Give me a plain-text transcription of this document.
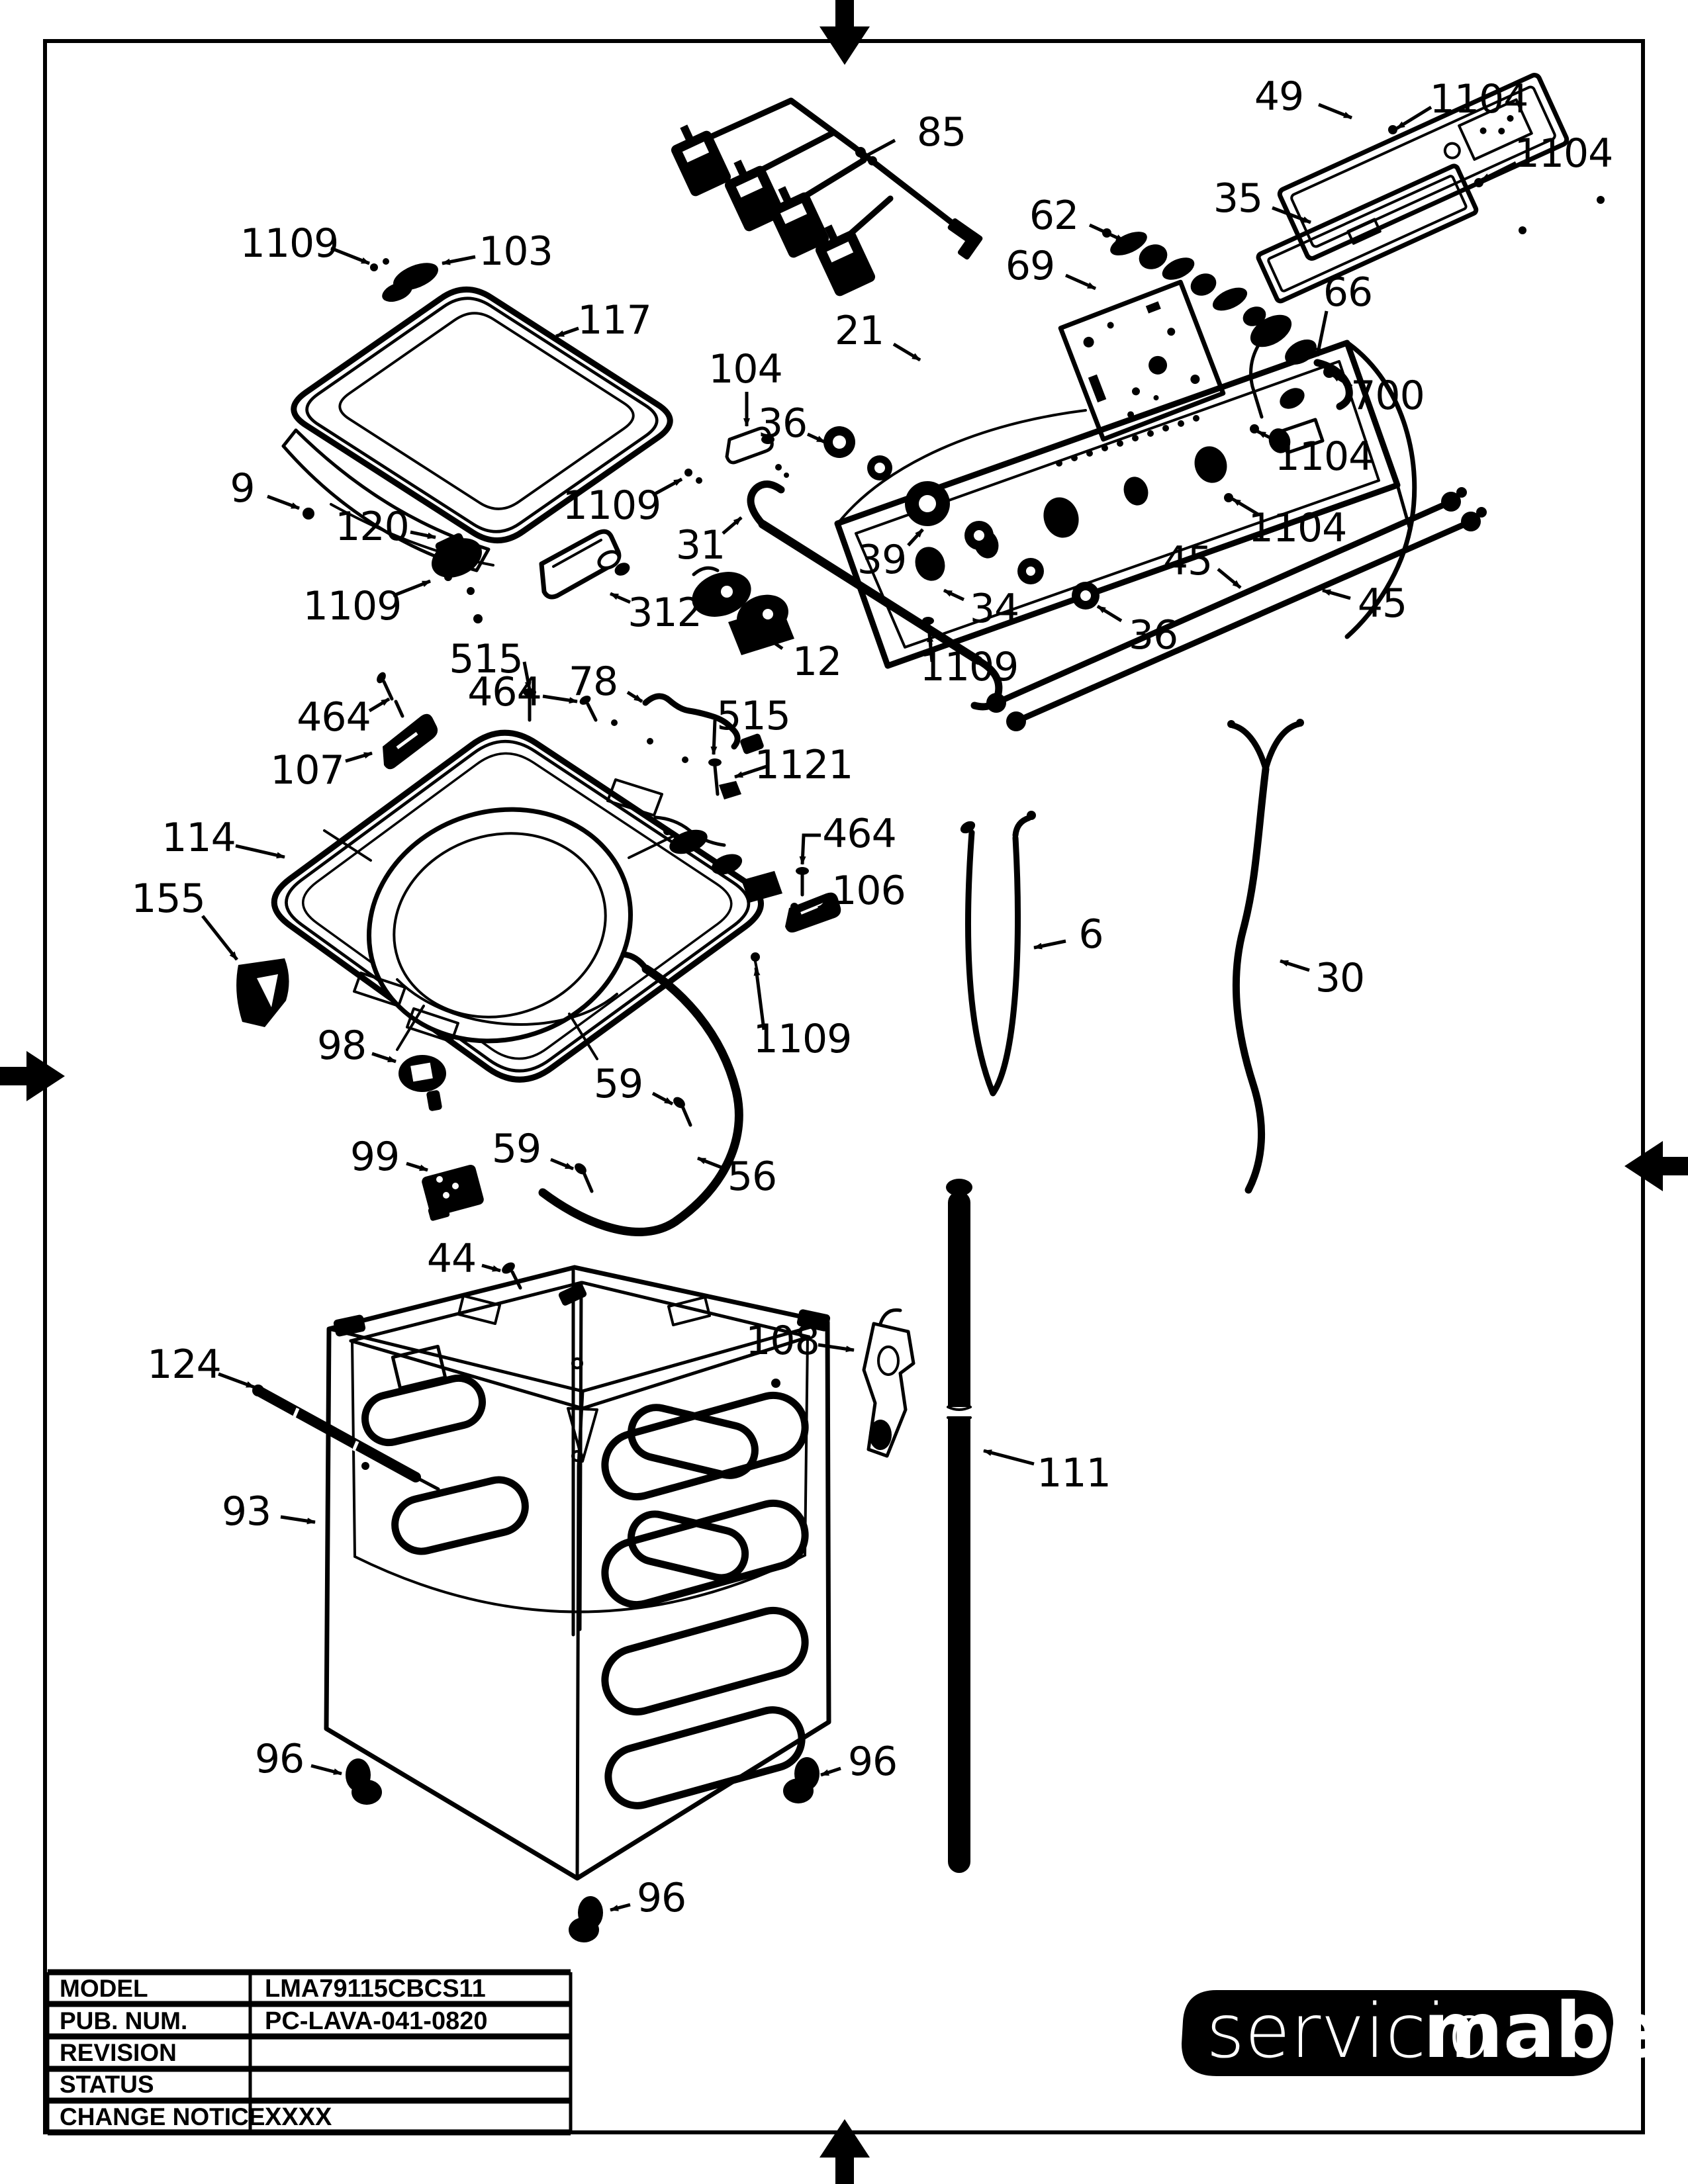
1109	103
85
49	1104
1104
35
62
69
66
700
1104
1104
117	21
104
36
9
120
1109
1109
31
312
39
34
36
45
45
1109
12
515 78
464
464
107
515
1121
114	464
106
1109
155
98
99
59
59
56
6
30
44
108
124
93
111
96	96
96
MODEL	LMA79115CBCS11
PUB. NUM.	PC-LAVA-041-0820
REVISION
STATUS
CHANGE NOTICE XXXX
servicio
mabe
